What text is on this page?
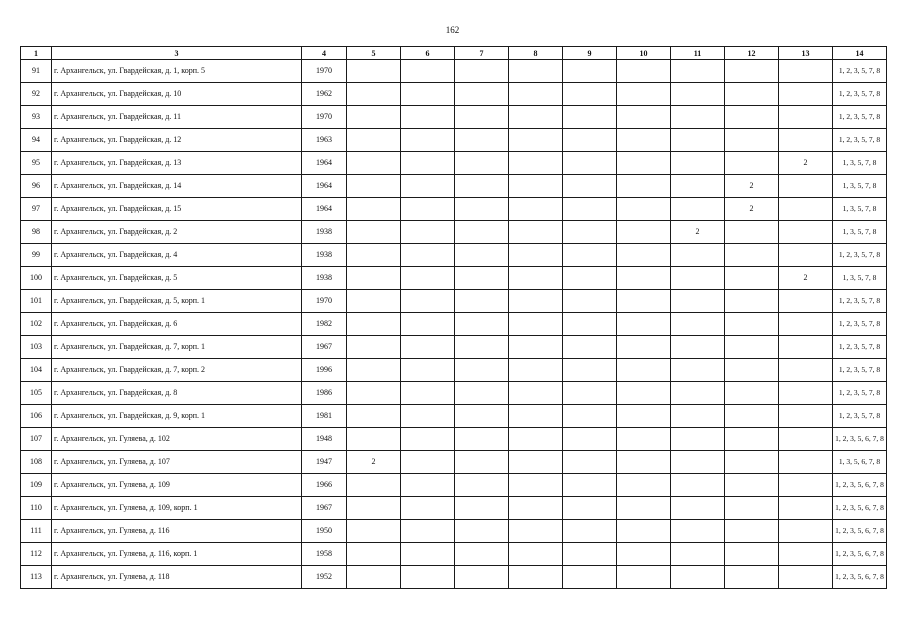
162
1	3	4	5	6	7	8	9	10	11	12	13	14
91	г. Архангельск, ул. Гвардейская, д. 1, корп. 5	1970										1, 2, 3, 5, 7, 8
92	г. Архангельск, ул. Гвардейская, д. 10	1962										1, 2, 3, 5, 7, 8
93	г. Архангельск, ул. Гвардейская, д. 11	1970										1, 2, 3, 5, 7, 8
94	г. Архангельск, ул. Гвардейская, д. 12	1963										1, 2, 3, 5, 7, 8
95	г. Архангельск, ул. Гвардейская, д. 13	1964									2	1, 3, 5, 7, 8
96	г. Архангельск, ул. Гвардейская, д. 14	1964								2		1, 3, 5, 7, 8
97	г. Архангельск, ул. Гвардейская, д. 15	1964								2		1, 3, 5, 7, 8
98	г. Архангельск, ул. Гвардейская, д. 2	1938							2			1, 3, 5, 7, 8
99	г. Архангельск, ул. Гвардейская, д. 4	1938										1, 2, 3, 5, 7, 8
100	г. Архангельск, ул. Гвардейская, д. 5	1938									2	1, 3, 5, 7, 8
101	г. Архангельск, ул. Гвардейская, д. 5, корп. 1	1970										1, 2, 3, 5, 7, 8
102	г. Архангельск, ул. Гвардейская, д. 6	1982										1, 2, 3, 5, 7, 8
103	г. Архангельск, ул. Гвардейская, д. 7, корп. 1	1967										1, 2, 3, 5, 7, 8
104	г. Архангельск, ул. Гвардейская, д. 7, корп. 2	1996										1, 2, 3, 5, 7, 8
105	г. Архангельск, ул. Гвардейская, д. 8	1986										1, 2, 3, 5, 7, 8
106	г. Архангельск, ул. Гвардейская, д. 9, корп. 1	1981										1, 2, 3, 5, 7, 8
107	г. Архангельск, ул. Гуляева, д. 102	1948										1, 2, 3, 5, 6, 7, 8
108	г. Архангельск, ул. Гуляева, д. 107	1947	2									1, 3, 5, 6, 7, 8
109	г. Архангельск, ул. Гуляева, д. 109	1966										1, 2, 3, 5, 6, 7, 8
110	г. Архангельск, ул. Гуляева, д. 109, корп. 1	1967										1, 2, 3, 5, 6, 7, 8
111	г. Архангельск, ул. Гуляева, д. 116	1950										1, 2, 3, 5, 6, 7, 8
112	г. Архангельск, ул. Гуляева, д. 116, корп. 1	1958										1, 2, 3, 5, 6, 7, 8
113	г. Архангельск, ул. Гуляева, д. 118	1952										1, 2, 3, 5, 6, 7, 8
